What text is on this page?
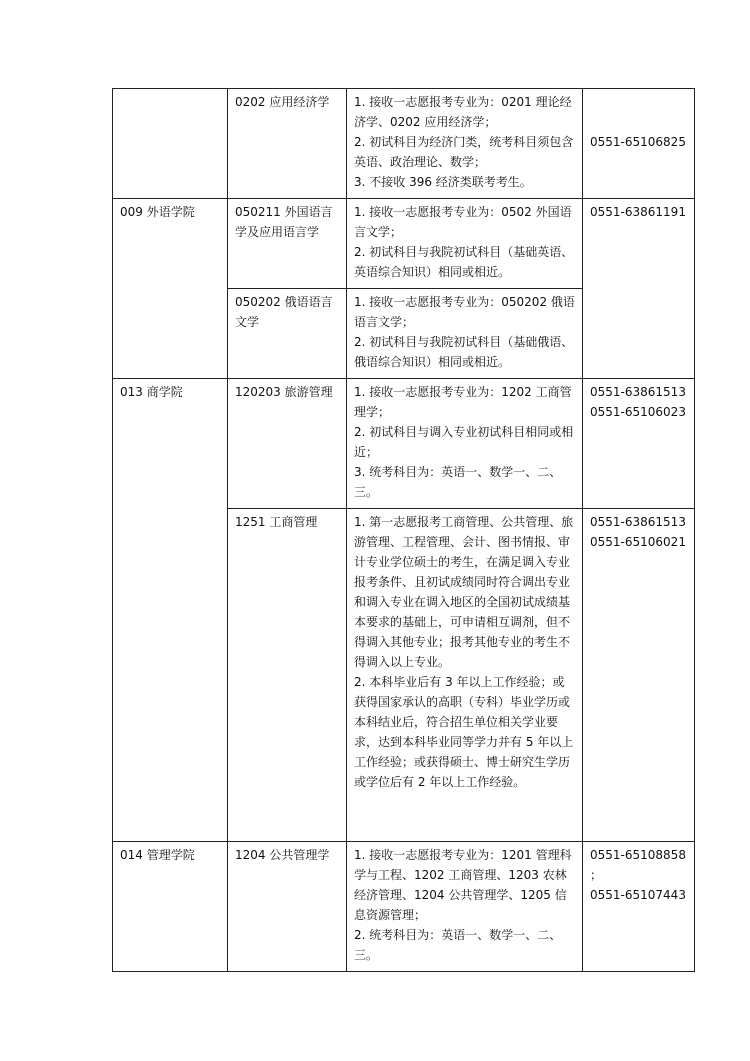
	0202 应用经济学	1. 接收一志愿报考专业为：0201 理论经济学、0202 应用经济学；
2. 初试科目为经济门类，统考科目须包含英语、政治理论、数学；
3. 不接收 396 经济类联考考生。	0551-65106825

009 外语学院	050211 外国语言学及应用语言学	1. 接收一志愿报考专业为：0502 外国语言文学；
2. 初试科目与我院初试科目（基础英语、英语综合知识）相同或相近。	0551-63861191

	050202 俄语语言文学	1. 接收一志愿报考专业为：050202 俄语语言文学；
2. 初试科目与我院初试科目（基础俄语、俄语综合知识）相同或相近。	

013 商学院	120203 旅游管理	1. 接收一志愿报考专业为：1202 工商管理学；
2. 初试科目与调入专业初试科目相同或相近；
3. 统考科目为：英语一、数学一、二、三。	0551-63861513
0551-65106023

	1251 工商管理	1. 第一志愿报考工商管理、公共管理、旅游管理、工程管理、会计、图书情报、审计专业学位硕士的考生，在满足调入专业报考条件、且初试成绩同时符合调出专业和调入专业在调入地区的全国初试成绩基本要求的基础上，可申请相互调剂，但不得调入其他专业；报考其他专业的考生不得调入以上专业。
2. 本科毕业后有 3 年以上工作经验；或获得国家承认的高职（专科）毕业学历或本科结业后，符合招生单位相关学业要求，达到本科毕业同等学力并有 5 年以上工作经验；或获得硕士、博士研究生学历或学位后有 2 年以上工作经验。	0551-63861513
0551-65106021

014 管理学院	1204 公共管理学	1. 接收一志愿报考专业为：1201 管理科学与工程、1202 工商管理、1203 农林经济管理、1204 公共管理学、1205 信息资源管理；
2. 统考科目为：英语一、数学一、二、三。	0551-65108858
；
0551-65107443
